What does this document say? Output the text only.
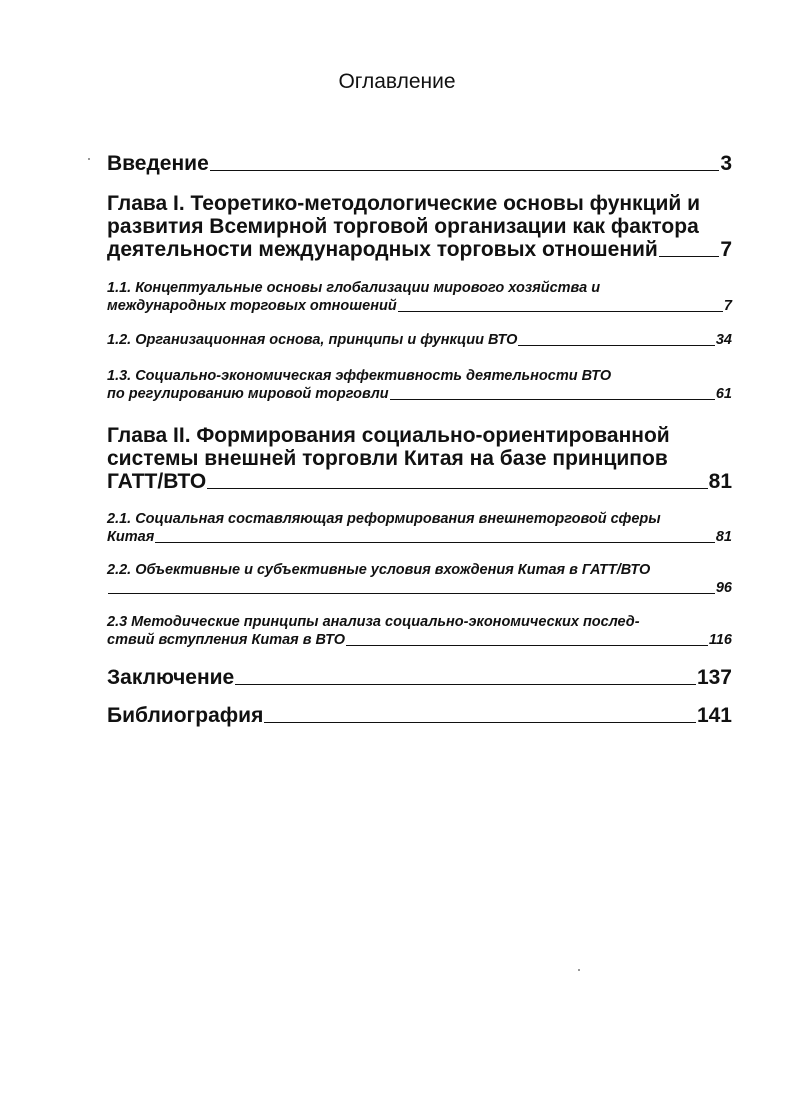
Оглавление
Введение	3
Глава I. Теоретико-методологические основы функций и
развития Всемирной торговой организации как фактора
деятельности международных торговых отношений	7
1.1. Концептуальные основы глобализации мирового хозяйства и
международных торговых отношений	7
1.2. Организационная основа, принципы и функции ВТО	34
1.3. Социально-экономическая эффективность деятельности ВТО
по регулированию мировой торговли	61
Глава II. Формирования социально-ориентированной
системы внешней торговли Китая на базе принципов
ГАТТ/ВТО	81
2.1. Социальная составляющая реформирования внешнеторговой сферы
Китая	81
2.2. Объективные и субъективные условия вхождения Китая в ГАТТ/ВТО
96
2.3 Методические принципы анализа социально-экономических послед-
ствий вступления Китая в ВТО	116
Заключение	137
Библиография	141
